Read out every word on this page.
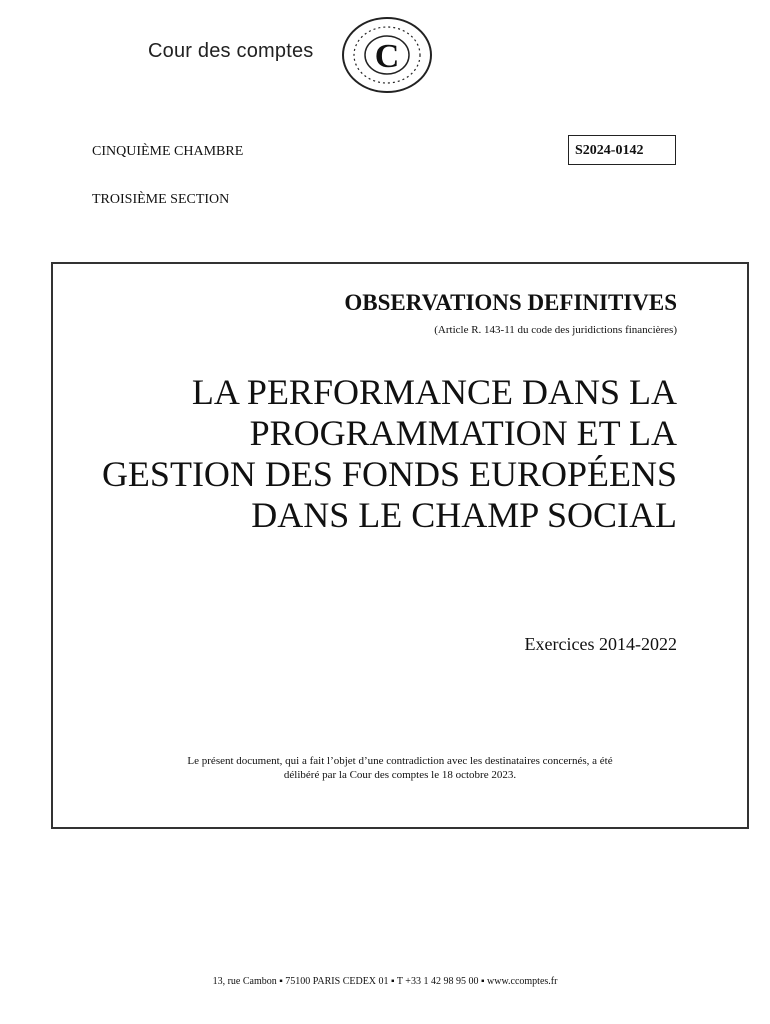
Cour des comptes C
CINQUIÈME CHAMBRE
TROISIÈME SECTION
S2024-0142
OBSERVATIONS DEFINITIVES
(Article R. 143-11 du code des juridictions financières)
LA PERFORMANCE DANS LA
PROGRAMMATION ET LA
GESTION DES FONDS EUROPÉENS
DANS LE CHAMP SOCIAL
Exercices 2014-2022
Le présent document, qui a fait l’objet d’une contradiction avec les destinataires concernés, a été
délibéré par la Cour des comptes le 18 octobre 2023.
13, rue Cambon ▪ 75100 PARIS CEDEX 01 ▪ T +33 1 42 98 95 00 ▪ www.ccomptes.fr
